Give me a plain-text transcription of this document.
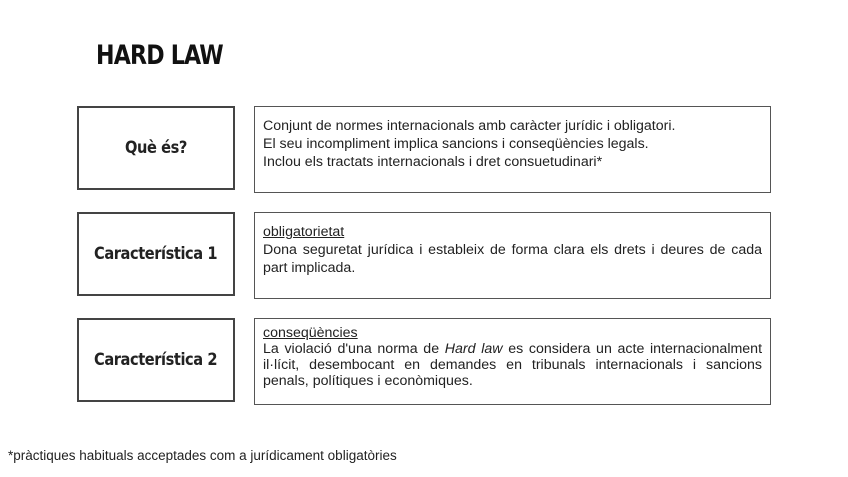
HARD LAW
Què és?
Conjunt de normes internacionals amb caràcter jurídic i obligatori.
El seu incompliment implica sancions i conseqüències legals.
Inclou els tractats internacionals i dret consuetudinari*
Característica 1
obligatorietat
Dona seguretat jurídica i estableix de forma clara els drets i deures de cada part implicada.
Característica 2
conseqüències
La violació d'una norma de Hard law es considera un acte internacionalment il·lícit, desembocant en demandes en tribunals internacionals i sancions penals, polítiques i econòmiques.
*pràctiques habituals acceptades com a jurídicament obligatòries
